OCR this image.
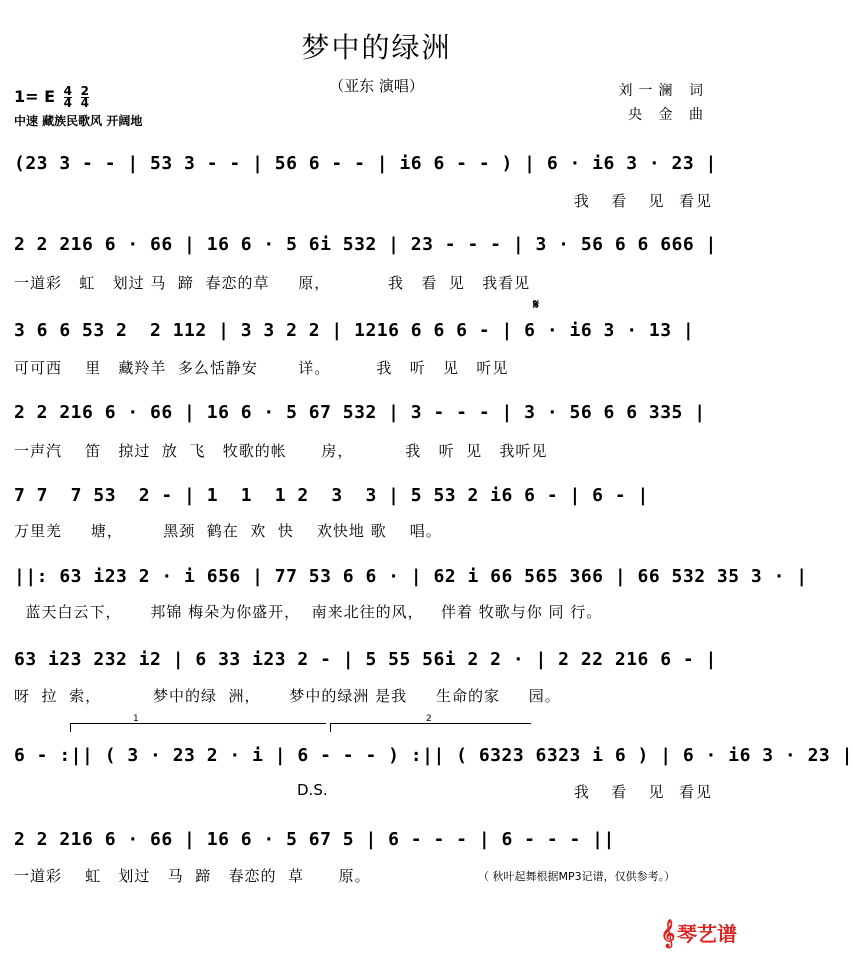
梦中的绿洲
（亚东 演唱）
1= E $\frac{4}{4}$
$\frac{2}{4}$
中速 藏族民歌风 开阔地
刘一澜 词
央 金 曲
(23 3 - - | 53 3 - - | 56 6 - - | i6 6 - - ) | 6 · i6 3 · 23 |
我   看   见  看见
2 2 216 6 · 66 | 16 6 · 5 6i 532 | 23 - - - | 3 · 56 6 6 666 |
一道彩   虹   划过 马  蹄  春恋的草     原，          我   看  见   我看见
𝄋
3 6 6 53 2  2 112 | 3 3 2 2 | 1216 6 6 6 - | 6 · i6 3 · 13 |
可可西    里   藏羚羊  多么恬静安       详。        我   听   见   听见
2 2 216 6 · 66 | 16 6 · 5 67 532 | 3 - - - | 3 · 56 6 6 335 |
一声汽    笛   掠过  放  飞   牧歌的帐      房，         我   听  见   我听见
7 7  7 53  2 - | 1  1  1 2  3  3 | 5 53 2 i6 6 - | 6 - |
万里羌     塘，       黑颈  鹤在  欢  快    欢快地 歌    唱。
||: 63 i23 2 · i 656 | 77 53 6 6 · | 62 i 66 565 366 | 66 532 35 3 · |
蓝天白云下，     邦锦 梅朵为你盛开，  南来北往的风，   伴着 牧歌与你 同 行。
63 i23 232 i2 | 6 33 i23 2 - | 5 55 56i 2 2 · | 2 22 216 6 - |
呀  拉  索，         梦中的绿  洲，     梦中的绿洲 是我     生命的家     园。
1	2
6 - :|| ( 3 · 23 2 · i | 6 - - - ) :|| ( 6323 6323 i 6 ) | 6 · i6 3 · 23 |
D.S.	我   看   见  看见
2 2 216 6 · 66 | 16 6 · 5 67 5 | 6 - - - | 6 - - - ||
一道彩    虹   划过   马  蹄   春恋的  草      原。	（ 秋叶起舞根据MP3记谱，仅供参考。）
𝄞 琴艺谱
